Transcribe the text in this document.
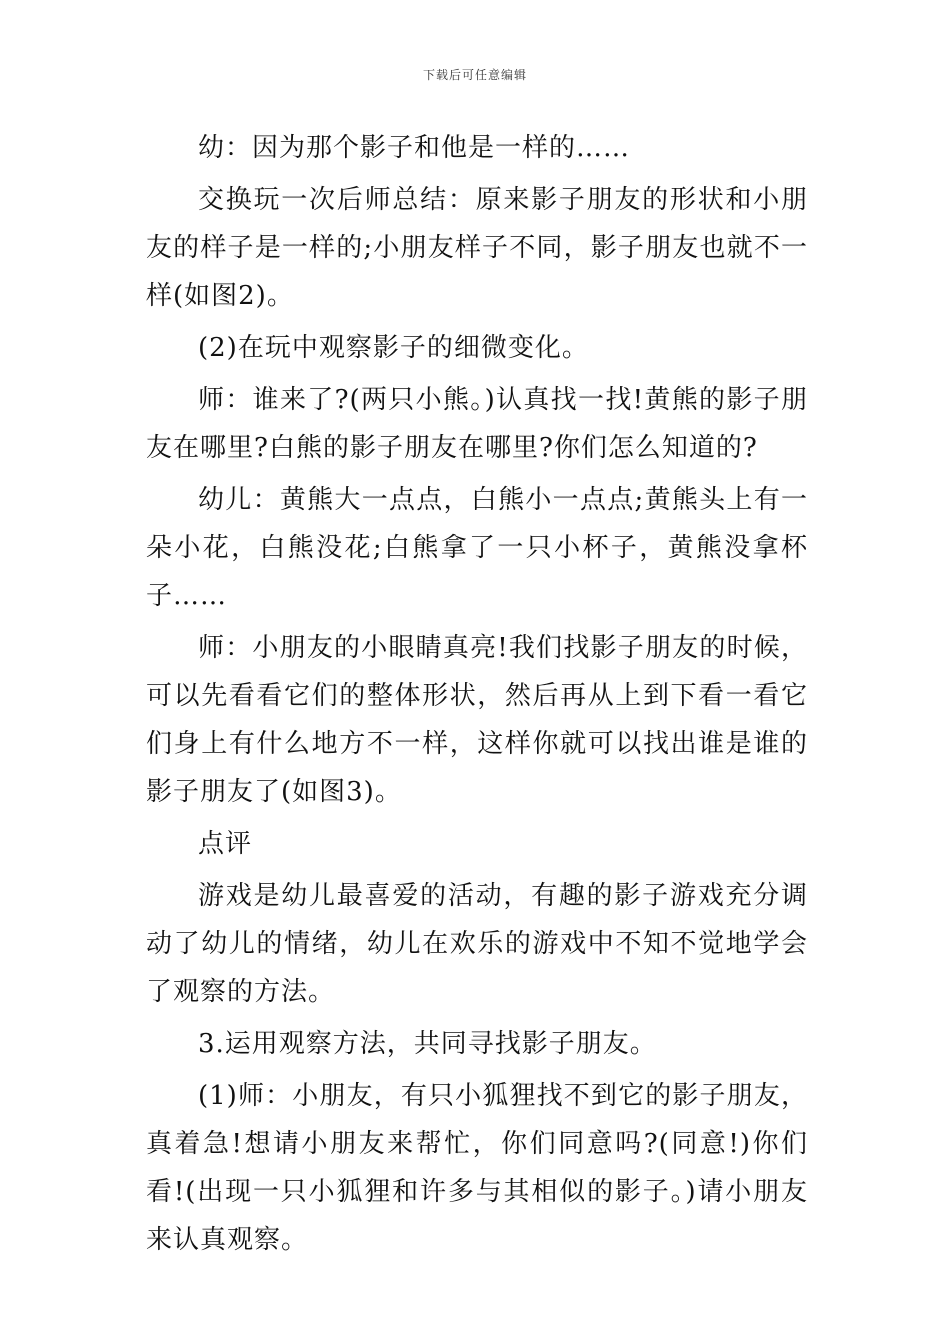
下载后可任意编辑

幼：因为那个影子和他是一样的……

交换玩一次后师总结：原来影子朋友的形状和小朋友的样子是一样的;小朋友样子不同，影子朋友也就不一样(如图2)。

(2)在玩中观察影子的细微变化。

师：谁来了?(两只小熊。)认真找一找!黄熊的影子朋友在哪里?白熊的影子朋友在哪里?你们怎么知道的?

幼儿：黄熊大一点点，白熊小一点点;黄熊头上有一朵小花，白熊没花;白熊拿了一只小杯子，黄熊没拿杯子……

师：小朋友的小眼睛真亮!我们找影子朋友的时候，可以先看看它们的整体形状，然后再从上到下看一看它们身上有什么地方不一样，这样你就可以找出谁是谁的影子朋友了(如图3)。

点评

游戏是幼儿最喜爱的活动，有趣的影子游戏充分调动了幼儿的情绪，幼儿在欢乐的游戏中不知不觉地学会了观察的方法。

3.运用观察方法，共同寻找影子朋友。

(1)师：小朋友，有只小狐狸找不到它的影子朋友，真着急!想请小朋友来帮忙，你们同意吗?(同意!)你们看!(出现一只小狐狸和许多与其相似的影子。)请小朋友来认真观察。
